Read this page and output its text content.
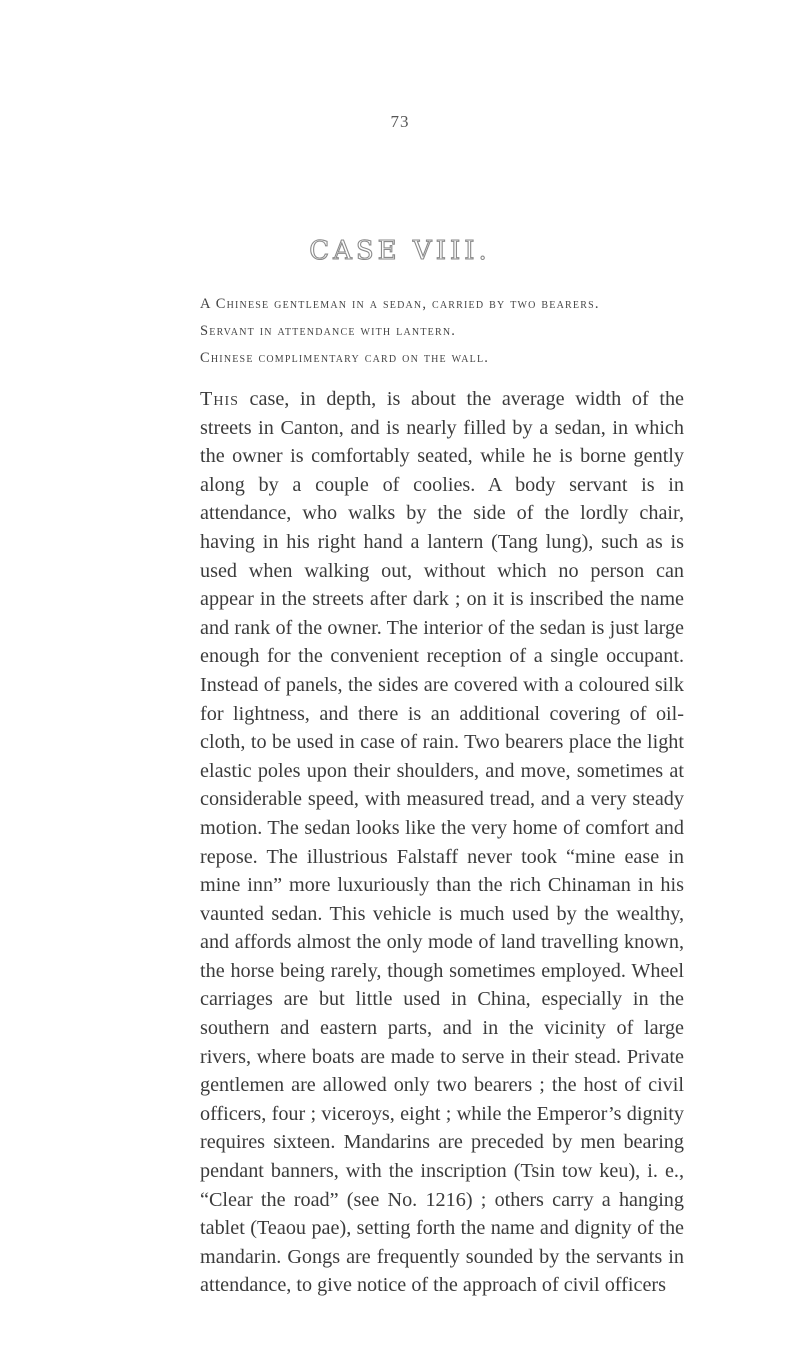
73
CASE VIII.
A Chinese gentleman in a sedan, carried by two bearers.
Servant in attendance with lantern.
Chinese complimentary card on the wall.

This case, in depth, is about the average width of the streets in Canton, and is nearly filled by a sedan, in which the owner is comfortably seated, while he is borne gently along by a couple of coolies. A body servant is in attendance, who walks by the side of the lordly chair, having in his right hand a lantern (Tang lung), such as is used when walking out, without which no person can appear in the streets after dark ; on it is inscribed the name and rank of the owner. The interior of the sedan is just large enough for the convenient reception of a single occupant. Instead of panels, the sides are covered with a coloured silk for lightness, and there is an additional covering of oil-cloth, to be used in case of rain. Two bearers place the light elastic poles upon their shoulders, and move, sometimes at considerable speed, with measured tread, and a very steady motion. The sedan looks like the very home of comfort and repose. The illustrious Falstaff never took “mine ease in mine inn” more luxuriously than the rich Chinaman in his vaunted sedan. This vehicle is much used by the wealthy, and affords almost the only mode of land travelling known, the horse being rarely, though sometimes employed. Wheel carriages are but little used in China, especially in the southern and eastern parts, and in the vicinity of large rivers, where boats are made to serve in their stead. Private gentlemen are allowed only two bearers ; the host of civil officers, four ; viceroys, eight ; while the Emperor’s dignity requires sixteen. Mandarins are preceded by men bearing pendant banners, with the inscription (Tsin tow keu), i. e., “Clear the road” (see No. 1216) ; others carry a hanging tablet (Teaou pae), setting forth the name and dignity of the mandarin. Gongs are frequently sounded by the servants in attendance, to give notice of the approach of civil officers
